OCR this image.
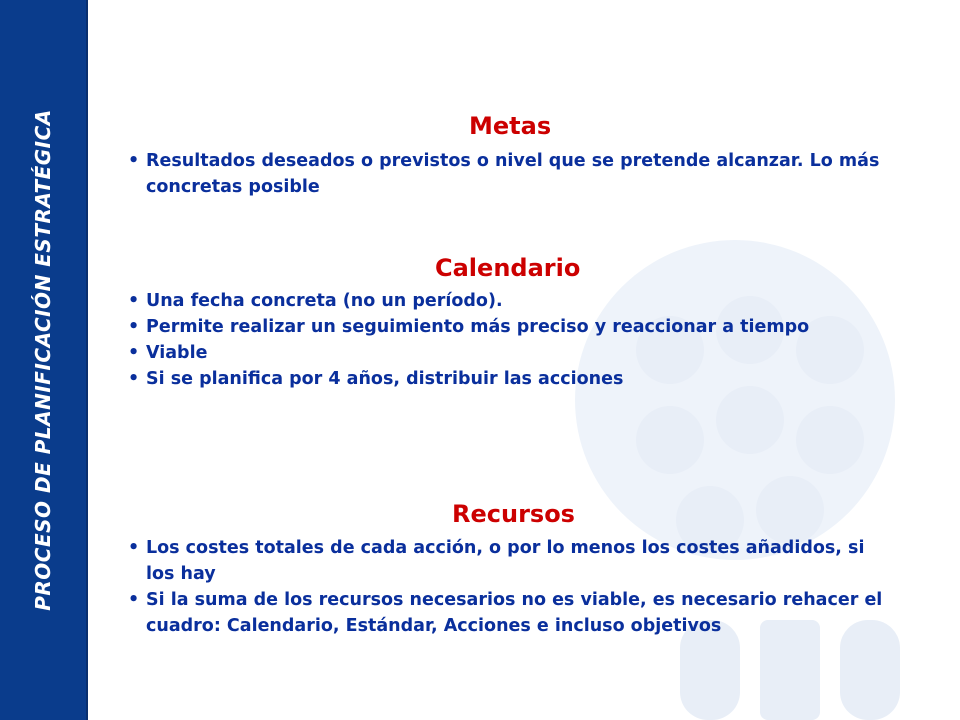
PROCESO DE PLANIFICACIÓN ESTRATÉGICA	Metas
• Resultados deseados o previstos o nivel que se pretende alcanzar. Lo más concretas posible
Calendario
• Una fecha concreta (no un período).
• Permite realizar un seguimiento más preciso y reaccionar a tiempo
• Viable
• Si se planifica por 4 años, distribuir las acciones
Recursos
• Los costes totales de cada acción, o por lo menos los costes añadidos, si los hay
• Si la suma de los recursos necesarios no es viable, es necesario rehacer el cuadro: Calendario, Estándar, Acciones e incluso objetivos
